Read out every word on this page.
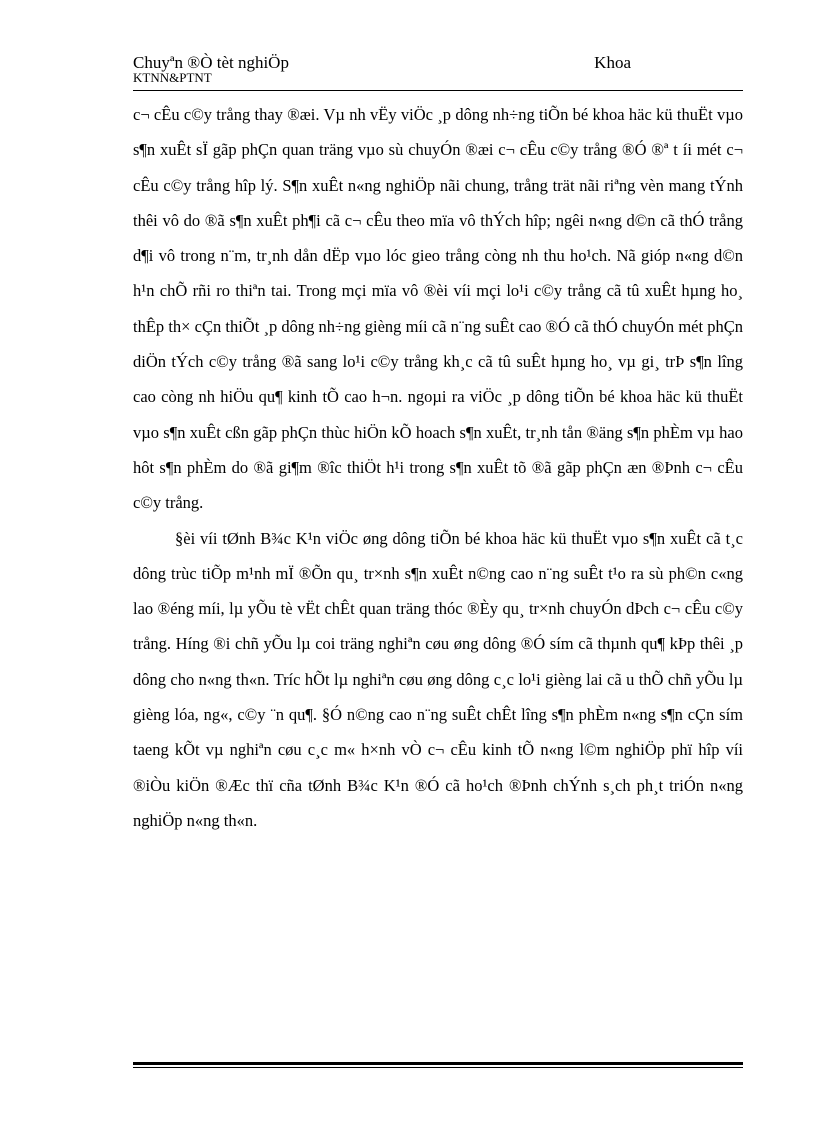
Chuyªn ®Ò tèt nghiÖp	Khoa
KTNN&PTNT

c¬ cÊu c©y trång thay ®æi. Vµ nh vËy viÖc ¸p dông nh÷ng tiÕn bé khoa häc kü thuËt vµo s¶n xuÊt sÏ gãp phÇn quan träng vµo sù chuyÓn ®æi c¬ cÊu c©y trång ®Ó ®ª t íi mét c¬ cÊu c©y trång hîp lý. S¶n xuÊt n«ng nghiÖp nãi chung, trång trät nãi riªng vèn mang tÝnh thêi vô do ®ã s¶n xuÊt ph¶i cã c¬ cÊu theo mïa vô thÝch hîp; ngêi n«ng d©n cã thÓ trång d¶i vô trong n¨m, tr¸nh dån dËp vµo lóc gieo trång còng nh thu ho¹ch. Nã gióp n«ng d©n h¹n chÕ rñi ro thiªn tai. Trong mçi mïa vô ®èi víi mçi lo¹i c©y trång cã tû xuÊt hµng ho¸ thÊp th× cÇn thiÕt ¸p dông nh÷ng gièng míi cã n¨ng suÊt cao ®Ó cã thÓ chuyÓn mét phÇn diÖn tÝch c©y trång ®ã sang lo¹i c©y trång kh¸c cã tû suÊt hµng ho¸ vµ gi¸ trÞ s¶n lîng cao còng nh hiÖu qu¶ kinh tÕ cao h¬n. ngoµi ra viÖc ¸p dông tiÕn bé khoa häc kü thuËt vµo s¶n xuÊt cßn gãp phÇn thùc hiÖn kÕ hoach s¶n xuÊt, tr¸nh tån ®äng s¶n phÈm vµ hao hôt s¶n phÈm do ®ã gi¶m ®îc thiÖt h¹i trong s¶n xuÊt tõ ®ã gãp phÇn æn ®Þnh c¬ cÊu c©y trång.

§èi víi tØnh B¾c K¹n viÖc øng dông tiÕn bé khoa häc kü thuËt vµo s¶n xuÊt cã t¸c dông trùc tiÕp m¹nh mÏ ®Õn qu¸ tr×nh s¶n xuÊt n©ng cao n¨ng suÊt t¹o ra sù ph©n c«ng lao ®éng míi, lµ yÕu tè vËt chÊt quan träng thóc ®Èy qu¸ tr×nh chuyÓn dÞch c¬ cÊu c©y trång. Híng ®i chñ yÕu lµ coi träng nghiªn cøu øng dông ®Ó sím cã thµnh qu¶ kÞp thêi ¸p dông cho n«ng th«n. Tríc hÕt lµ nghiªn cøu øng dông c¸c lo¹i gièng lai cã u thÕ chñ yÕu lµ gièng lóa, ng«, c©y ¨n qu¶. §Ó n©ng cao n¨ng suÊt chÊt lîng s¶n phÈm n«ng s¶n cÇn sím taeng kÕt vµ nghiªn cøu c¸c m« h×nh vÒ c¬ cÊu kinh tÕ n«ng l©m nghiÖp phï hîp víi ®iÒu kiÖn ®Æc thï cña tØnh B¾c K¹n ®Ó cã ho¹ch ®Þnh chÝnh s¸ch ph¸t triÓn n«ng nghiÖp n«ng th«n.
